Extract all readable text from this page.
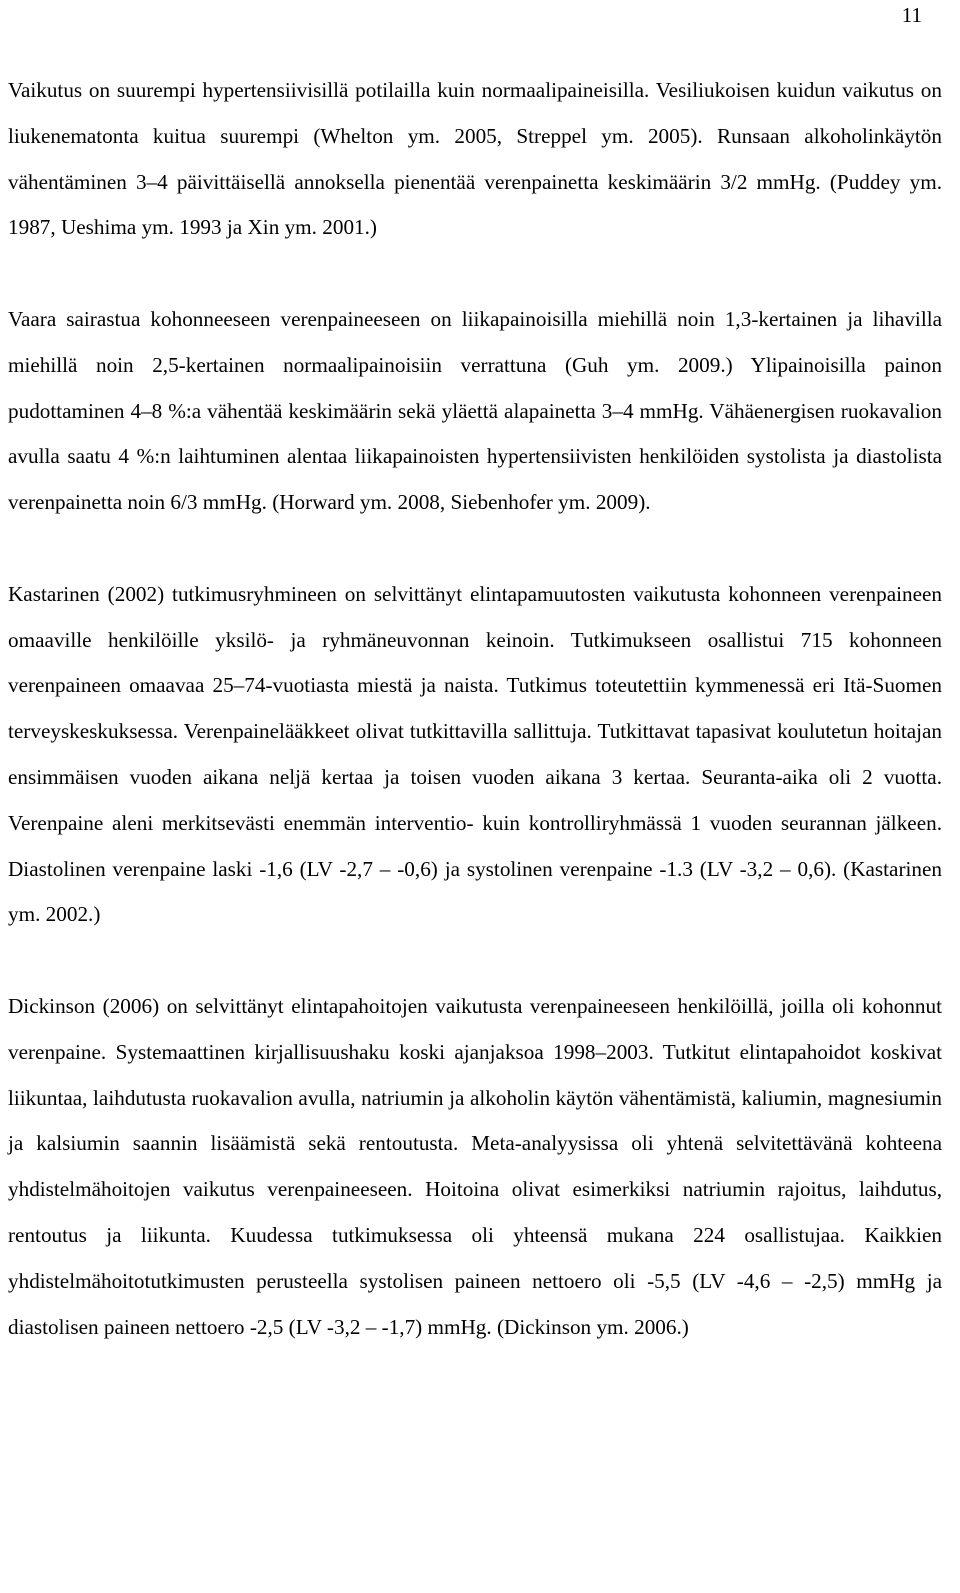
11

Vaikutus on suurempi hypertensiivisillä potilailla kuin normaalipaineisilla. Vesiliukoisen kuidun vaikutus on liukenematonta kuitua suurempi (Whelton ym. 2005, Streppel ym. 2005). Runsaan alkoholinkäytön vähentäminen 3–4 päivittäisellä annoksella pienentää verenpainetta keskimäärin 3/2 mmHg. (Puddey ym. 1987, Ueshima ym. 1993 ja Xin ym. 2001.)

Vaara sairastua kohonneeseen verenpaineeseen on liikapainoisilla miehillä noin 1,3-kertainen ja lihavilla miehillä noin 2,5-kertainen normaalipainoisiin verrattuna (Guh ym. 2009.) Ylipainoisilla painon pudottaminen 4–8 %:a vähentää keskimäärin sekä yläettä alapainetta 3–4 mmHg. Vähäenergisen ruokavalion avulla saatu 4 %:n laihtuminen alentaa liikapainoisten hypertensiivisten henkilöiden systolista ja diastolista verenpainetta noin 6/3 mmHg. (Horward ym. 2008, Siebenhofer ym. 2009).

Kastarinen (2002) tutkimusryhmineen on selvittänyt elintapamuutosten vaikutusta kohonneen verenpaineen omaaville henkilöille yksilö- ja ryhmäneuvonnan keinoin. Tutkimukseen osallistui 715 kohonneen verenpaineen omaavaa 25–74-vuotiasta miestä ja naista. Tutkimus toteutettiin kymmenessä eri Itä-Suomen terveyskeskuksessa. Verenpainelääkkeet olivat tutkittavilla sallittuja. Tutkittavat tapasivat koulutetun hoitajan ensimmäisen vuoden aikana neljä kertaa ja toisen vuoden aikana 3 kertaa. Seuranta-aika oli 2 vuotta. Verenpaine aleni merkitsevästi enemmän interventio- kuin kontrolliryhmässä 1 vuoden seurannan jälkeen. Diastolinen verenpaine laski -1,6 (LV -2,7 – -0,6) ja systolinen verenpaine -1.3 (LV -3,2 – 0,6). (Kastarinen ym. 2002.)

Dickinson (2006) on selvittänyt elintapahoitojen vaikutusta verenpaineeseen henkilöillä, joilla oli kohonnut verenpaine. Systemaattinen kirjallisuushaku koski ajanjaksoa 1998–2003. Tutkitut elintapahoidot koskivat liikuntaa, laihdutusta ruokavalion avulla, natriumin ja alkoholin käytön vähentämistä, kaliumin, magnesiumin ja kalsiumin saannin lisäämistä sekä rentoutusta. Meta-analyysissa oli yhtenä selvitettävänä kohteena yhdistelmähoitojen vaikutus verenpaineeseen. Hoitoina olivat esimerkiksi natriumin rajoitus, laihdutus, rentoutus ja liikunta. Kuudessa tutkimuksessa oli yhteensä mukana 224 osallistujaa. Kaikkien yhdistelmähoitotutkimusten perusteella systolisen paineen nettoero oli -5,5 (LV -4,6 – -2,5) mmHg ja diastolisen paineen nettoero -2,5 (LV -3,2 – -1,7) mmHg. (Dickinson ym. 2006.)
